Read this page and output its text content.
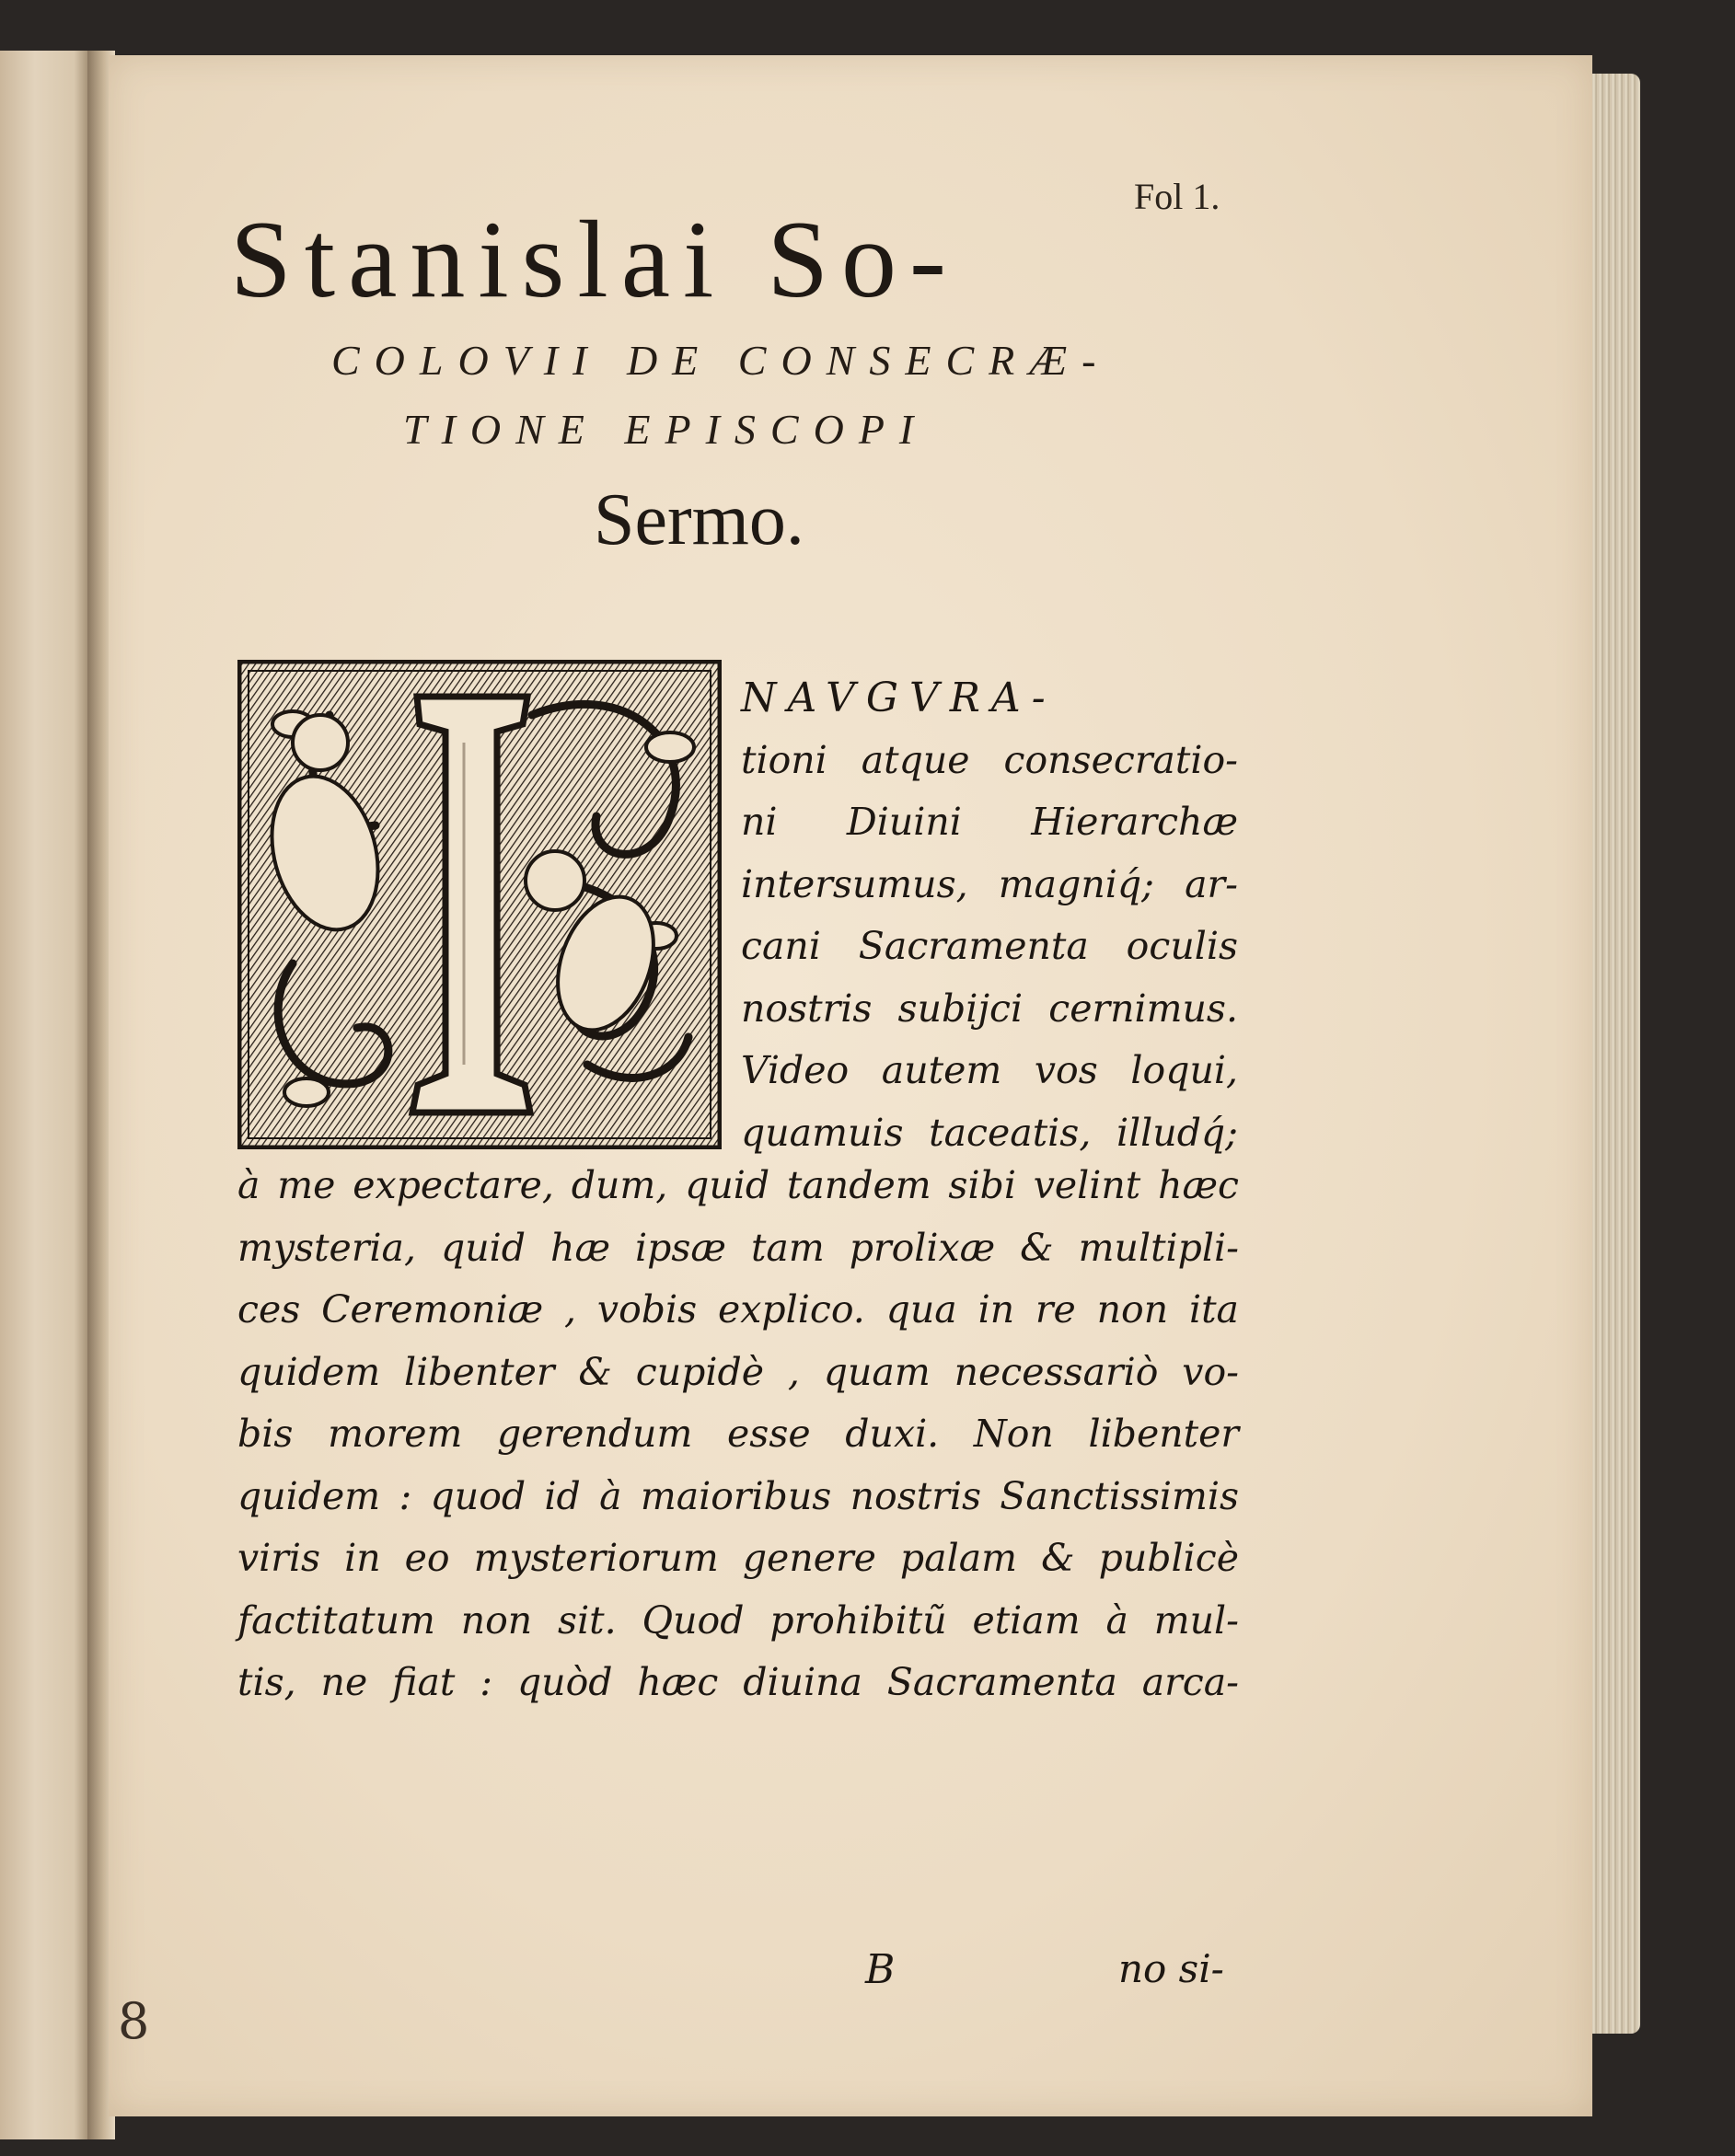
Fol 1.
Stanislai So-
COLOVII DE CONSECRÆ-
TIONE EPISCOPI
Sermo.
NAVGVRA-
tioni atque consecratio-
ni Diuini Hierarchæ
intersumus, magniq́; ar-
cani Sacramenta oculis
nostris subijci cernimus.
Video autem vos loqui,
quamuis taceatis, illudq́;
à me expectare, dum, quid tandem sibi velint hæc
mysteria, quid hæ ipsæ tam prolixæ & multipli-
ces Ceremoniæ , vobis explico. qua in re non ita
quidem libenter & cupidè , quam necessariò vo-
bis morem gerendum esse duxi. Non libenter
quidem : quod id à maioribus nostris Sanctissimis
viris in eo mysteriorum genere palam & publicè
factitatum non sit. Quod prohibitũ etiam à mul-
tis, ne fiat : quòd hæc diuina Sacramenta arca-
B	no si-
8
